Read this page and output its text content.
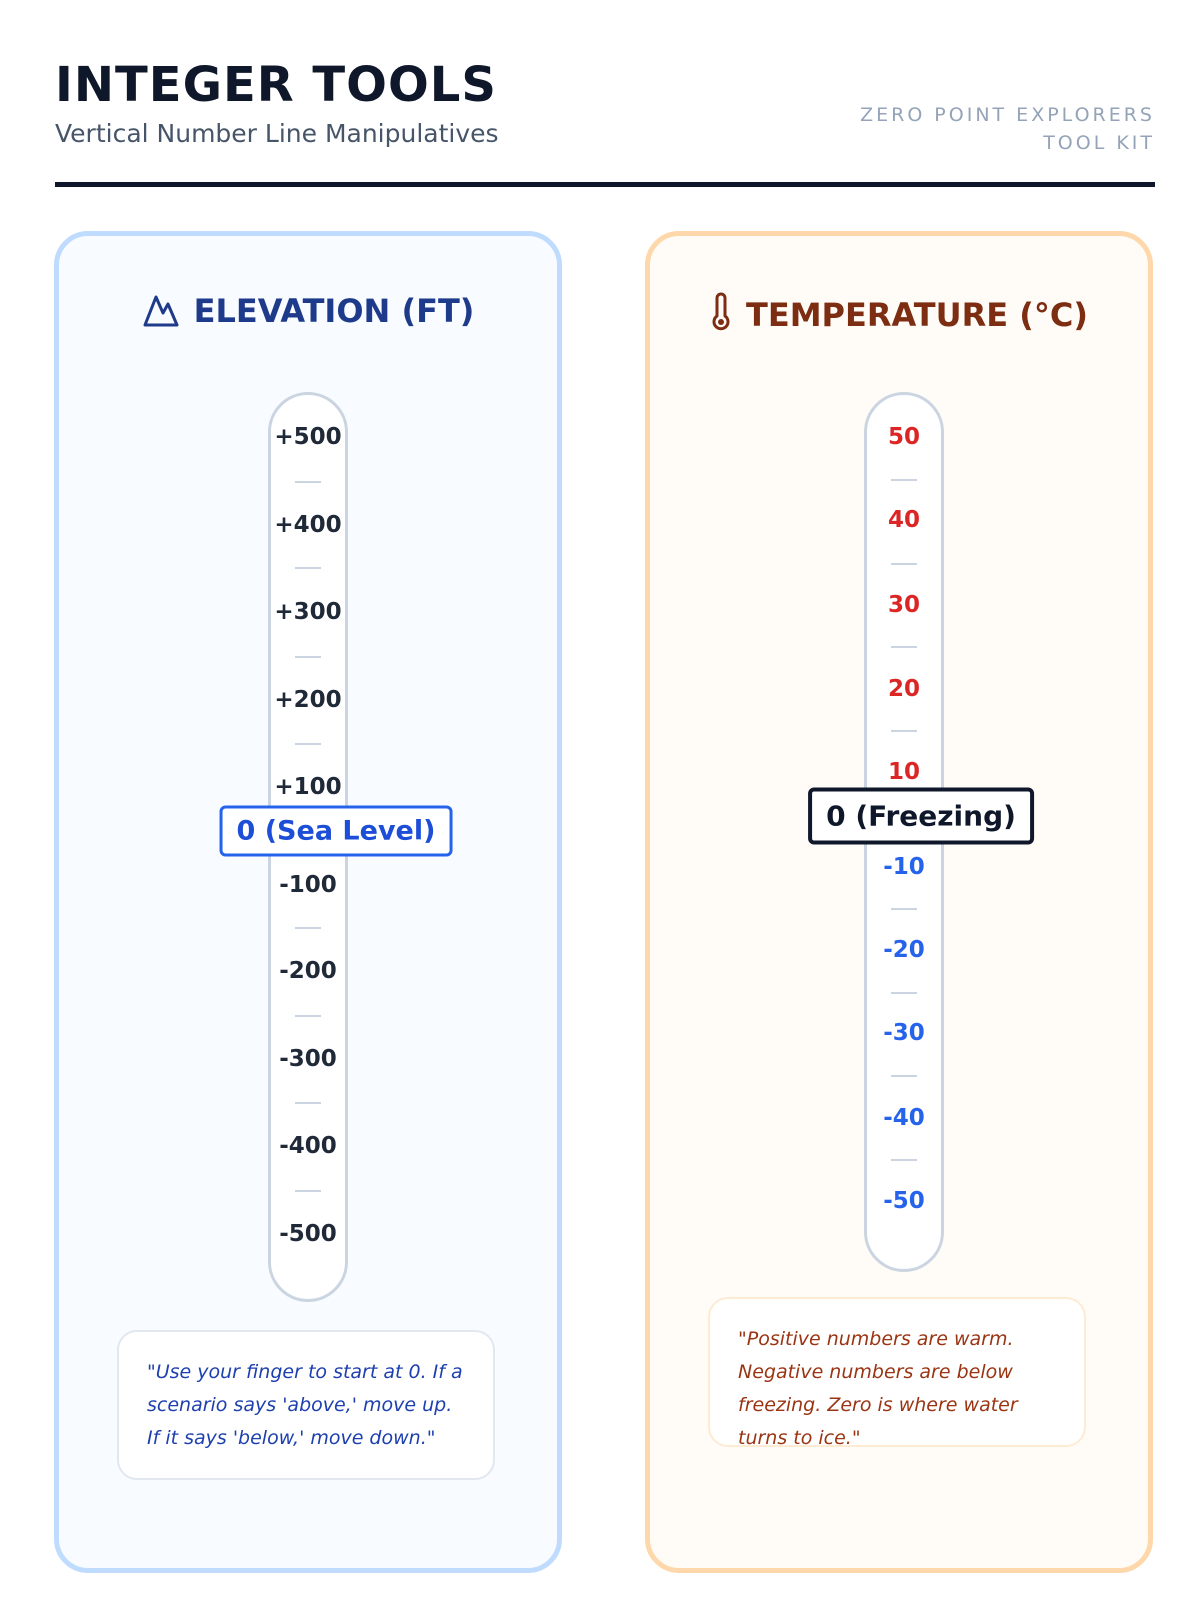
INTEGER TOOLS
Vertical Number Line Manipulatives
ZERO POINT EXPLORERS
TOOL KIT
ELEVATION (FT)
+500
+400
+300
+200
+100
-100
-200
-300
-400
-500
0 (Sea Level)
"Use your finger to start at 0. If a scenario says 'above,' move up. If it says 'below,' move down."
TEMPERATURE (°C)
50
40
30
20
10
-10
-20
-30
-40
-50
0 (Freezing)
"Positive numbers are warm. Negative numbers are below freezing. Zero is where water turns to ice."
